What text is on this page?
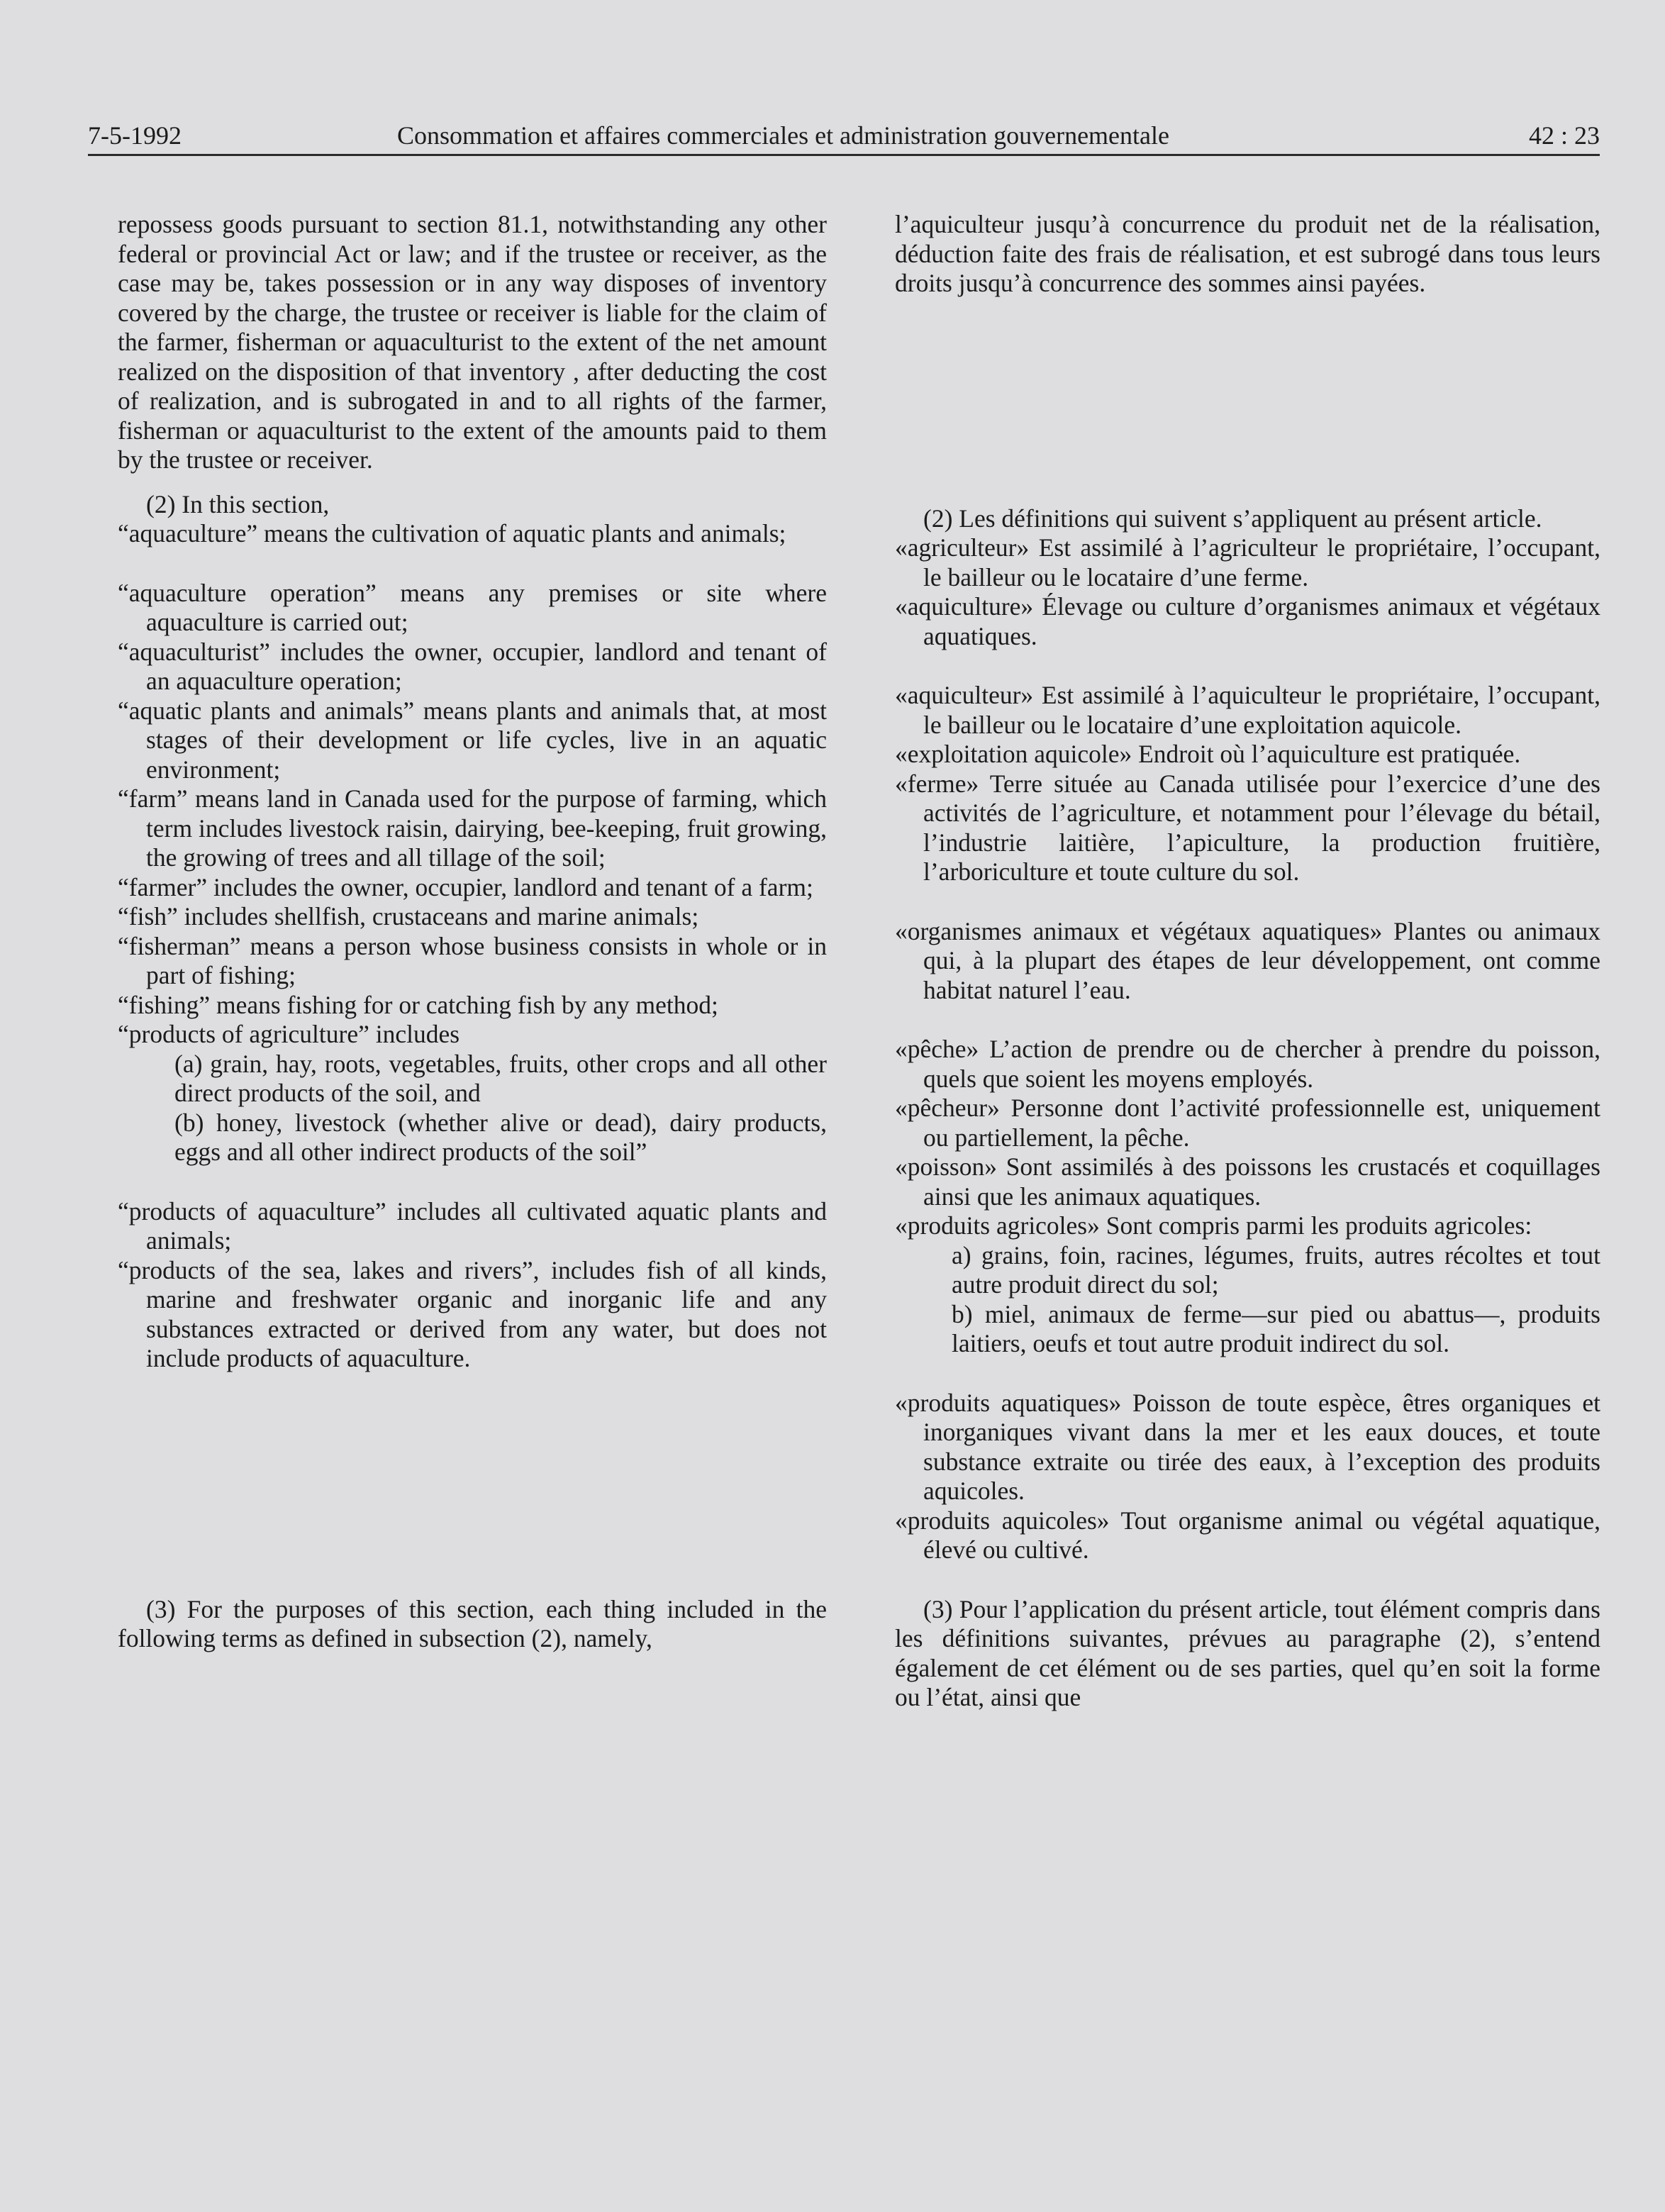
7-5-1992	Consommation et affaires commerciales et administration gouvernementale	42 : 23

repossess goods pursuant to section 81.1, notwithstanding any other federal or provincial Act or law; and if the trustee or receiver, as the case may be, takes possession or in any way disposes of inventory covered by the charge, the trustee or receiver is liable for the claim of the farmer, fisherman or aquaculturist to the extent of the net amount realized on the disposition of that inventory , after deducting the cost of realization, and is subrogated in and to all rights of the farmer, fisherman or aquaculturist to the extent of the amounts paid to them by the trustee or receiver.

(2) In this section,

“aquaculture” means the cultivation of aquatic plants and animals;

“aquaculture operation” means any premises or site where aquaculture is carried out;

“aquaculturist” includes the owner, occupier, landlord and tenant of an aquaculture operation;

“aquatic plants and animals” means plants and animals that, at most stages of their development or life cycles, live in an aquatic environment;

“farm” means land in Canada used for the purpose of farming, which term includes livestock raisin, dairying, bee-keeping, fruit growing, the growing of trees and all tillage of the soil;

“farmer” includes the owner, occupier, landlord and tenant of a farm;

“fish” includes shellfish, crustaceans and marine animals;

“fisherman” means a person whose business consists in whole or in part of fishing;

“fishing” means fishing for or catching fish by any method;

“products of agriculture” includes

(a) grain, hay, roots, vegetables, fruits, other crops and all other direct products of the soil, and

(b) honey, livestock (whether alive or dead), dairy products, eggs and all other indirect products of the soil”

“products of aquaculture” includes all cultivated aquatic plants and animals;

“products of the sea, lakes and rivers”, includes fish of all kinds, marine and freshwater organic and inorganic life and any substances extracted or derived from any water, but does not include products of aquaculture.

(3) For the purposes of this section, each thing included in the following terms as defined in subsection (2), namely,

l’aquiculteur jusqu’à concurrence du produit net de la réalisation, déduction faite des frais de réalisation, et est subrogé dans tous leurs droits jusqu’à concurrence des sommes ainsi payées.

(2) Les définitions qui suivent s’appliquent au présent article.

«agriculteur» Est assimilé à l’agriculteur le propriétaire, l’occupant, le bailleur ou le locataire d’une ferme.

«aquiculture» Élevage ou culture d’organismes animaux et végétaux aquatiques.

«aquiculteur» Est assimilé à l’aquiculteur le propriétaire, l’occupant, le bailleur ou le locataire d’une exploitation aquicole.

«exploitation aquicole» Endroit où l’aquiculture est pratiquée.

«ferme» Terre située au Canada utilisée pour l’exercice d’une des activités de l’agriculture, et notamment pour l’élevage du bétail, l’industrie laitière, l’apiculture, la production fruitière, l’arboriculture et toute culture du sol.

«organismes animaux et végétaux aquatiques» Plantes ou animaux qui, à la plupart des étapes de leur développement, ont comme habitat naturel l’eau.

«pêche» L’action de prendre ou de chercher à prendre du poisson, quels que soient les moyens employés.

«pêcheur» Personne dont l’activité professionnelle est, uniquement ou partiellement, la pêche.

«poisson» Sont assimilés à des poissons les crustacés et coquillages ainsi que les animaux aquatiques.

«produits agricoles» Sont compris parmi les produits agricoles:

a) grains, foin, racines, légumes, fruits, autres récoltes et tout autre produit direct du sol;

b) miel, animaux de ferme—sur pied ou abattus—, produits laitiers, oeufs et tout autre produit indirect du sol.

«produits aquatiques» Poisson de toute espèce, êtres organiques et inorganiques vivant dans la mer et les eaux douces, et toute substance extraite ou tirée des eaux, à l’exception des produits aquicoles.

«produits aquicoles» Tout organisme animal ou végétal aquatique, élevé ou cultivé.

(3) Pour l’application du présent article, tout élément compris dans les définitions suivantes, prévues au paragraphe (2), s’entend également de cet élément ou de ses parties, quel qu’en soit la forme ou l’état, ainsi que
